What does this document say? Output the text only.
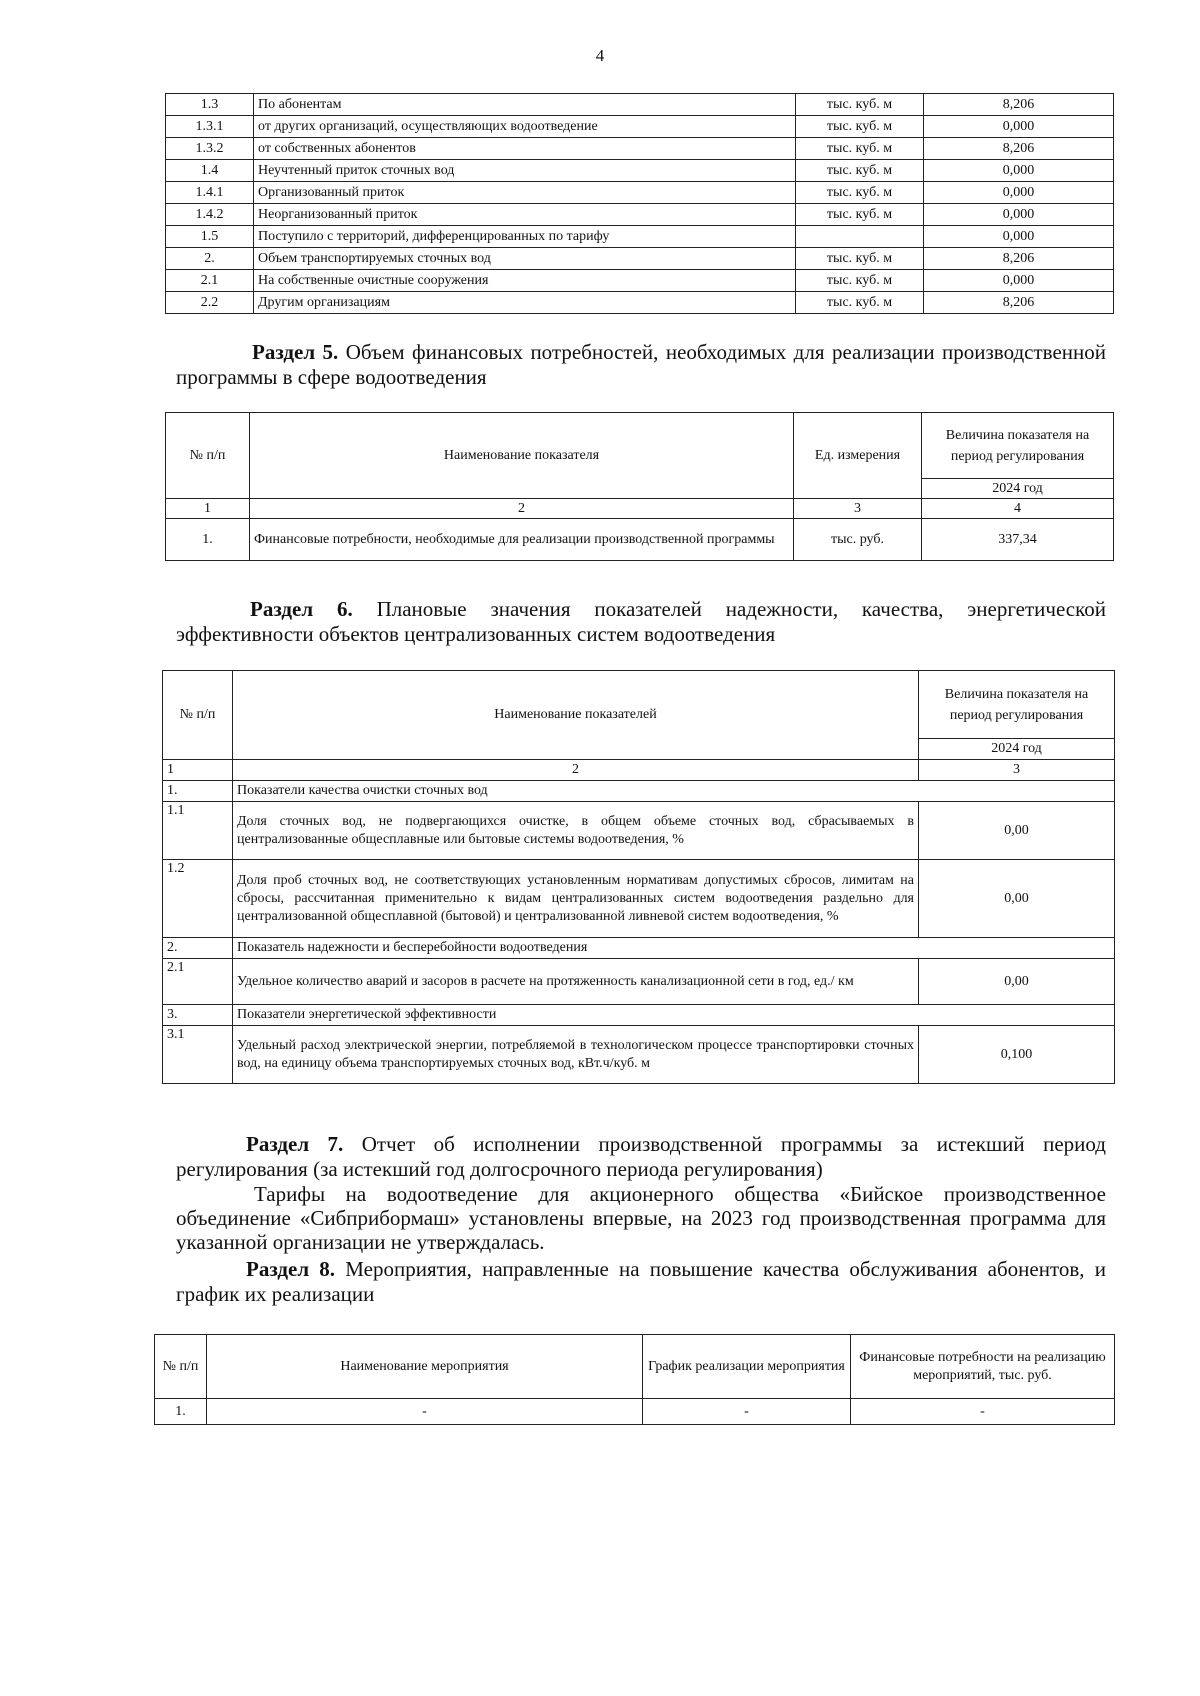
4
1.3	По абонентам	тыс. куб. м	8,206
1.3.1	от других организаций, осуществляющих водоотведение	тыс. куб. м	0,000
1.3.2	от собственных абонентов	тыс. куб. м	8,206
1.4	Неучтенный приток сточных вод	тыс. куб. м	0,000
1.4.1	Организованный приток	тыс. куб. м	0,000
1.4.2	Неорганизованный приток	тыс. куб. м	0,000
1.5	Поступило с территорий, дифференцированных по тарифу		0,000
2.	Объем транспортируемых сточных вод	тыс. куб. м	8,206
2.1	На собственные очистные сооружения	тыс. куб. м	0,000
2.2	Другим организациям	тыс. куб. м	8,206
Раздел 5. Объем финансовых потребностей, необходимых для реализации производственной программы в сфере водоотведения
№ п/п	Наименование показателя	Ед. измерения	Величина показателя на период регулирования
			2024 год
1	2	3	4
1.	Финансовые потребности, необходимые для реализации производственной программы	тыс. руб.	337,34
Раздел 6. Плановые значения показателей надежности, качества, энергетической эффективности объектов централизованных систем водоотведения
№ п/п	Наименование показателей	Величина показателя на период регулирования
		2024 год
1	2	3
1.	Показатели качества очистки сточных вод	
1.1	Доля сточных вод, не подвергающихся очистке, в общем объеме сточных вод, сбрасываемых в централизованные общесплавные или бытовые системы водоотведения, %	0,00
1.2	Доля проб сточных вод, не соответствующих установленным нормативам допустимых сбросов, лимитам на сбросы, рассчитанная применительно к видам централизованных систем водоотведения раздельно для централизованной общесплавной (бытовой) и централизованной ливневой систем водоотведения, %	0,00
2.	Показатель надежности и бесперебойности водоотведения	
2.1	Удельное количество аварий и засоров в расчете на протяженность канализационной сети в год, ед./ км	0,00
3.	Показатели энергетической эффективности	
3.1	Удельный расход электрической энергии, потребляемой в технологическом процессе транспортировки сточных вод, на единицу объема транспортируемых сточных вод, кВт.ч/куб. м	0,100
Раздел 7. Отчет об исполнении производственной программы за истекший период регулирования (за истекший год долгосрочного периода регулирования)
Тарифы на водоотведение для акционерного общества «Бийское производственное объединение «Сибприбормаш» установлены впервые, на 2023 год производственная программа для указанной организации не утверждалась.
Раздел 8. Мероприятия, направленные на повышение качества обслуживания абонентов, и график их реализации
№ п/п	Наименование мероприятия	График реализации мероприятия	Финансовые потребности на реализацию мероприятий, тыс. руб.
1.	-	-	-
